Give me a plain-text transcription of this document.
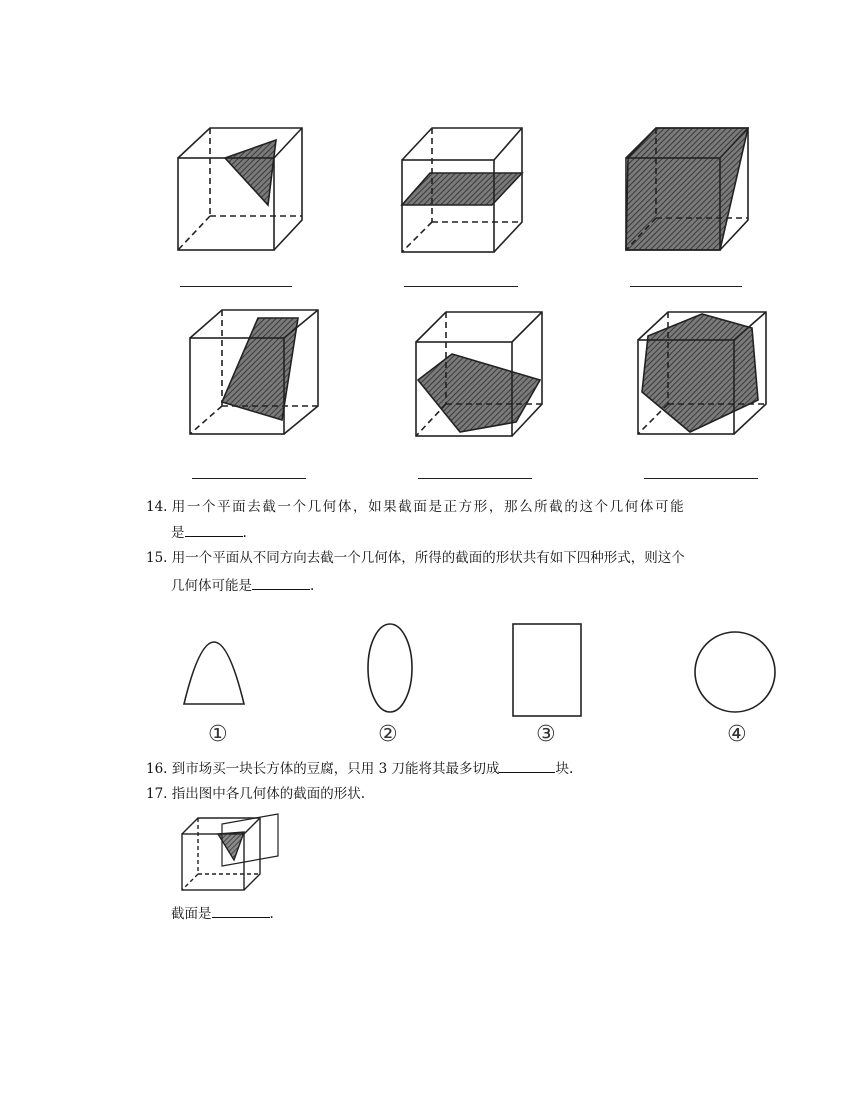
14. 用一个平面去截一个几何体，如果截面是正方形，那么所截的这个几何体可能
是	.
15. 用一个平面从不同方向去截一个几何体，所得的截面的形状共有如下四种形式，则这个
几何体可能是	.
①	②	③	④
16. 到市场买一块长方体的豆腐，只用 3 刀能将其最多切成	块.
17. 指出图中各几何体的截面的形状.
截面是	.
